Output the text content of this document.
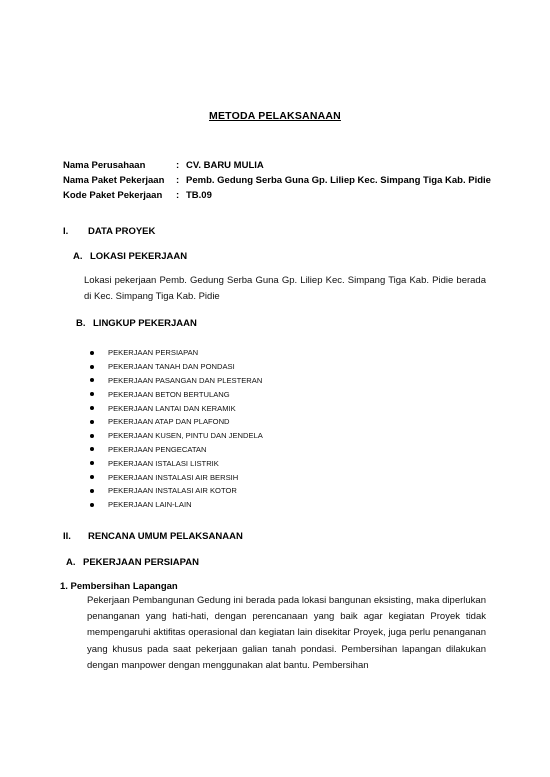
METODA PELAKSANAAN
Nama Perusahaan	: CV. BARU MULIA
Nama Paket Pekerjaan	: Pemb. Gedung Serba Guna Gp. Liliep Kec. Simpang Tiga Kab. Pidie
Kode Paket Pekerjaan	: TB.09
I. DATA PROYEK
A. LOKASI PEKERJAAN
Lokasi pekerjaan Pemb. Gedung Serba Guna Gp. Liliep Kec. Simpang Tiga Kab. Pidie berada di Kec. Simpang Tiga Kab. Pidie
B. LINGKUP PEKERJAAN
PEKERJAAN PERSIAPAN
PEKERJAAN TANAH DAN PONDASI
PEKERJAAN PASANGAN DAN PLESTERAN
PEKERJAAN BETON BERTULANG
PEKERJAAN LANTAI DAN KERAMIK
PEKERJAAN ATAP DAN PLAFOND
PEKERJAAN KUSEN, PINTU DAN JENDELA
PEKERJAAN PENGECATAN
PEKERJAAN ISTALASI LISTRIK
PEKERJAAN INSTALASI AIR BERSIH
PEKERJAAN INSTALASI AIR KOTOR
PEKERJAAN LAIN-LAIN
II. RENCANA UMUM PELAKSANAAN
A. PEKERJAAN PERSIAPAN
1. Pembersihan Lapangan
Pekerjaan Pembangunan Gedung ini berada pada lokasi bangunan eksisting, maka diperlukan penanganan yang hati-hati, dengan perencanaan yang baik agar kegiatan Proyek tidak mempengaruhi aktifitas operasional dan kegiatan lain disekitar Proyek, juga perlu penanganan yang khusus pada saat pekerjaan galian tanah pondasi. Pembersihan lapangan dilakukan dengan manpower dengan menggunakan alat bantu. Pembersihan
